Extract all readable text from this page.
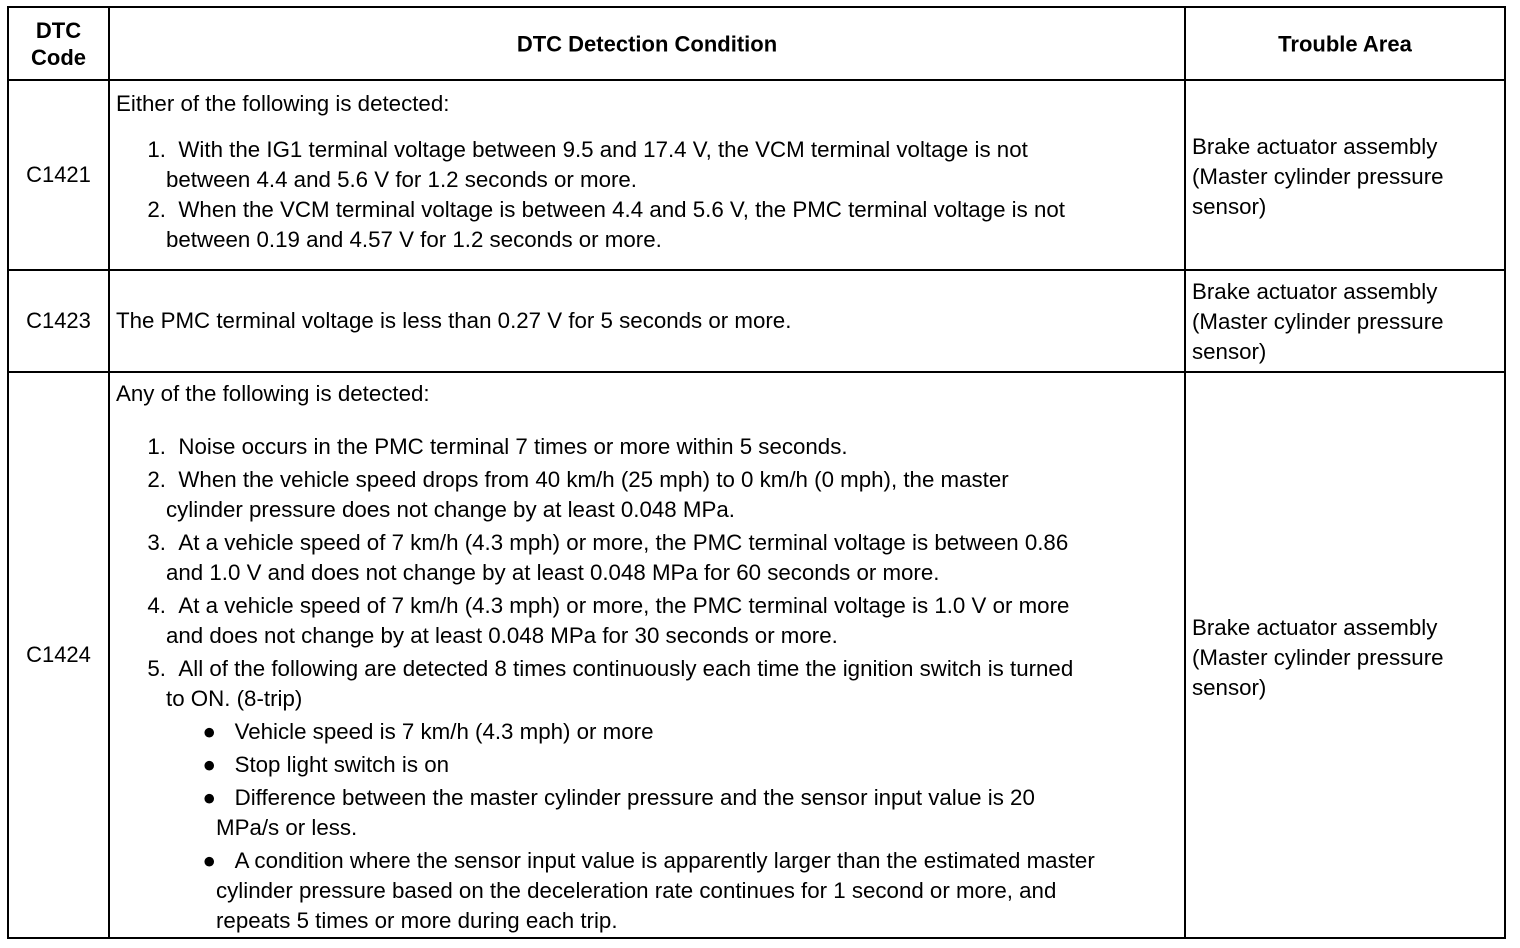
DTC
Code
DTC Detection Condition	Trouble Area
C1421
Either of the following is detected:
1. With the IG1 terminal voltage between 9.5 and 17.4 V, the VCM terminal voltage is not
between 4.4 and 5.6 V for 1.2 seconds or more.
2. When the VCM terminal voltage is between 4.4 and 5.6 V, the PMC terminal voltage is not
between 0.19 and 4.57 V for 1.2 seconds or more.
Brake actuator assembly
(Master cylinder pressure
sensor)
C1423	The PMC terminal voltage is less than 0.27 V for 5 seconds or more.
Brake actuator assembly
(Master cylinder pressure
sensor)
C1424
Any of the following is detected:
1. Noise occurs in the PMC terminal 7 times or more within 5 seconds.
2. When the vehicle speed drops from 40 km/h (25 mph) to 0 km/h (0 mph), the master
cylinder pressure does not change by at least 0.048 MPa.
3. At a vehicle speed of 7 km/h (4.3 mph) or more, the PMC terminal voltage is between 0.86
and 1.0 V and does not change by at least 0.048 MPa for 60 seconds or more.
4. At a vehicle speed of 7 km/h (4.3 mph) or more, the PMC terminal voltage is 1.0 V or more
and does not change by at least 0.048 MPa for 30 seconds or more.
5. All of the following are detected 8 times continuously each time the ignition switch is turned
to ON. (8-trip)
● Vehicle speed is 7 km/h (4.3 mph) or more
● Stop light switch is on
● Difference between the master cylinder pressure and the sensor input value is 20
MPa/s or less.
● A condition where the sensor input value is apparently larger than the estimated master
cylinder pressure based on the deceleration rate continues for 1 second or more, and
repeats 5 times or more during each trip.
Brake actuator assembly
(Master cylinder pressure
sensor)
